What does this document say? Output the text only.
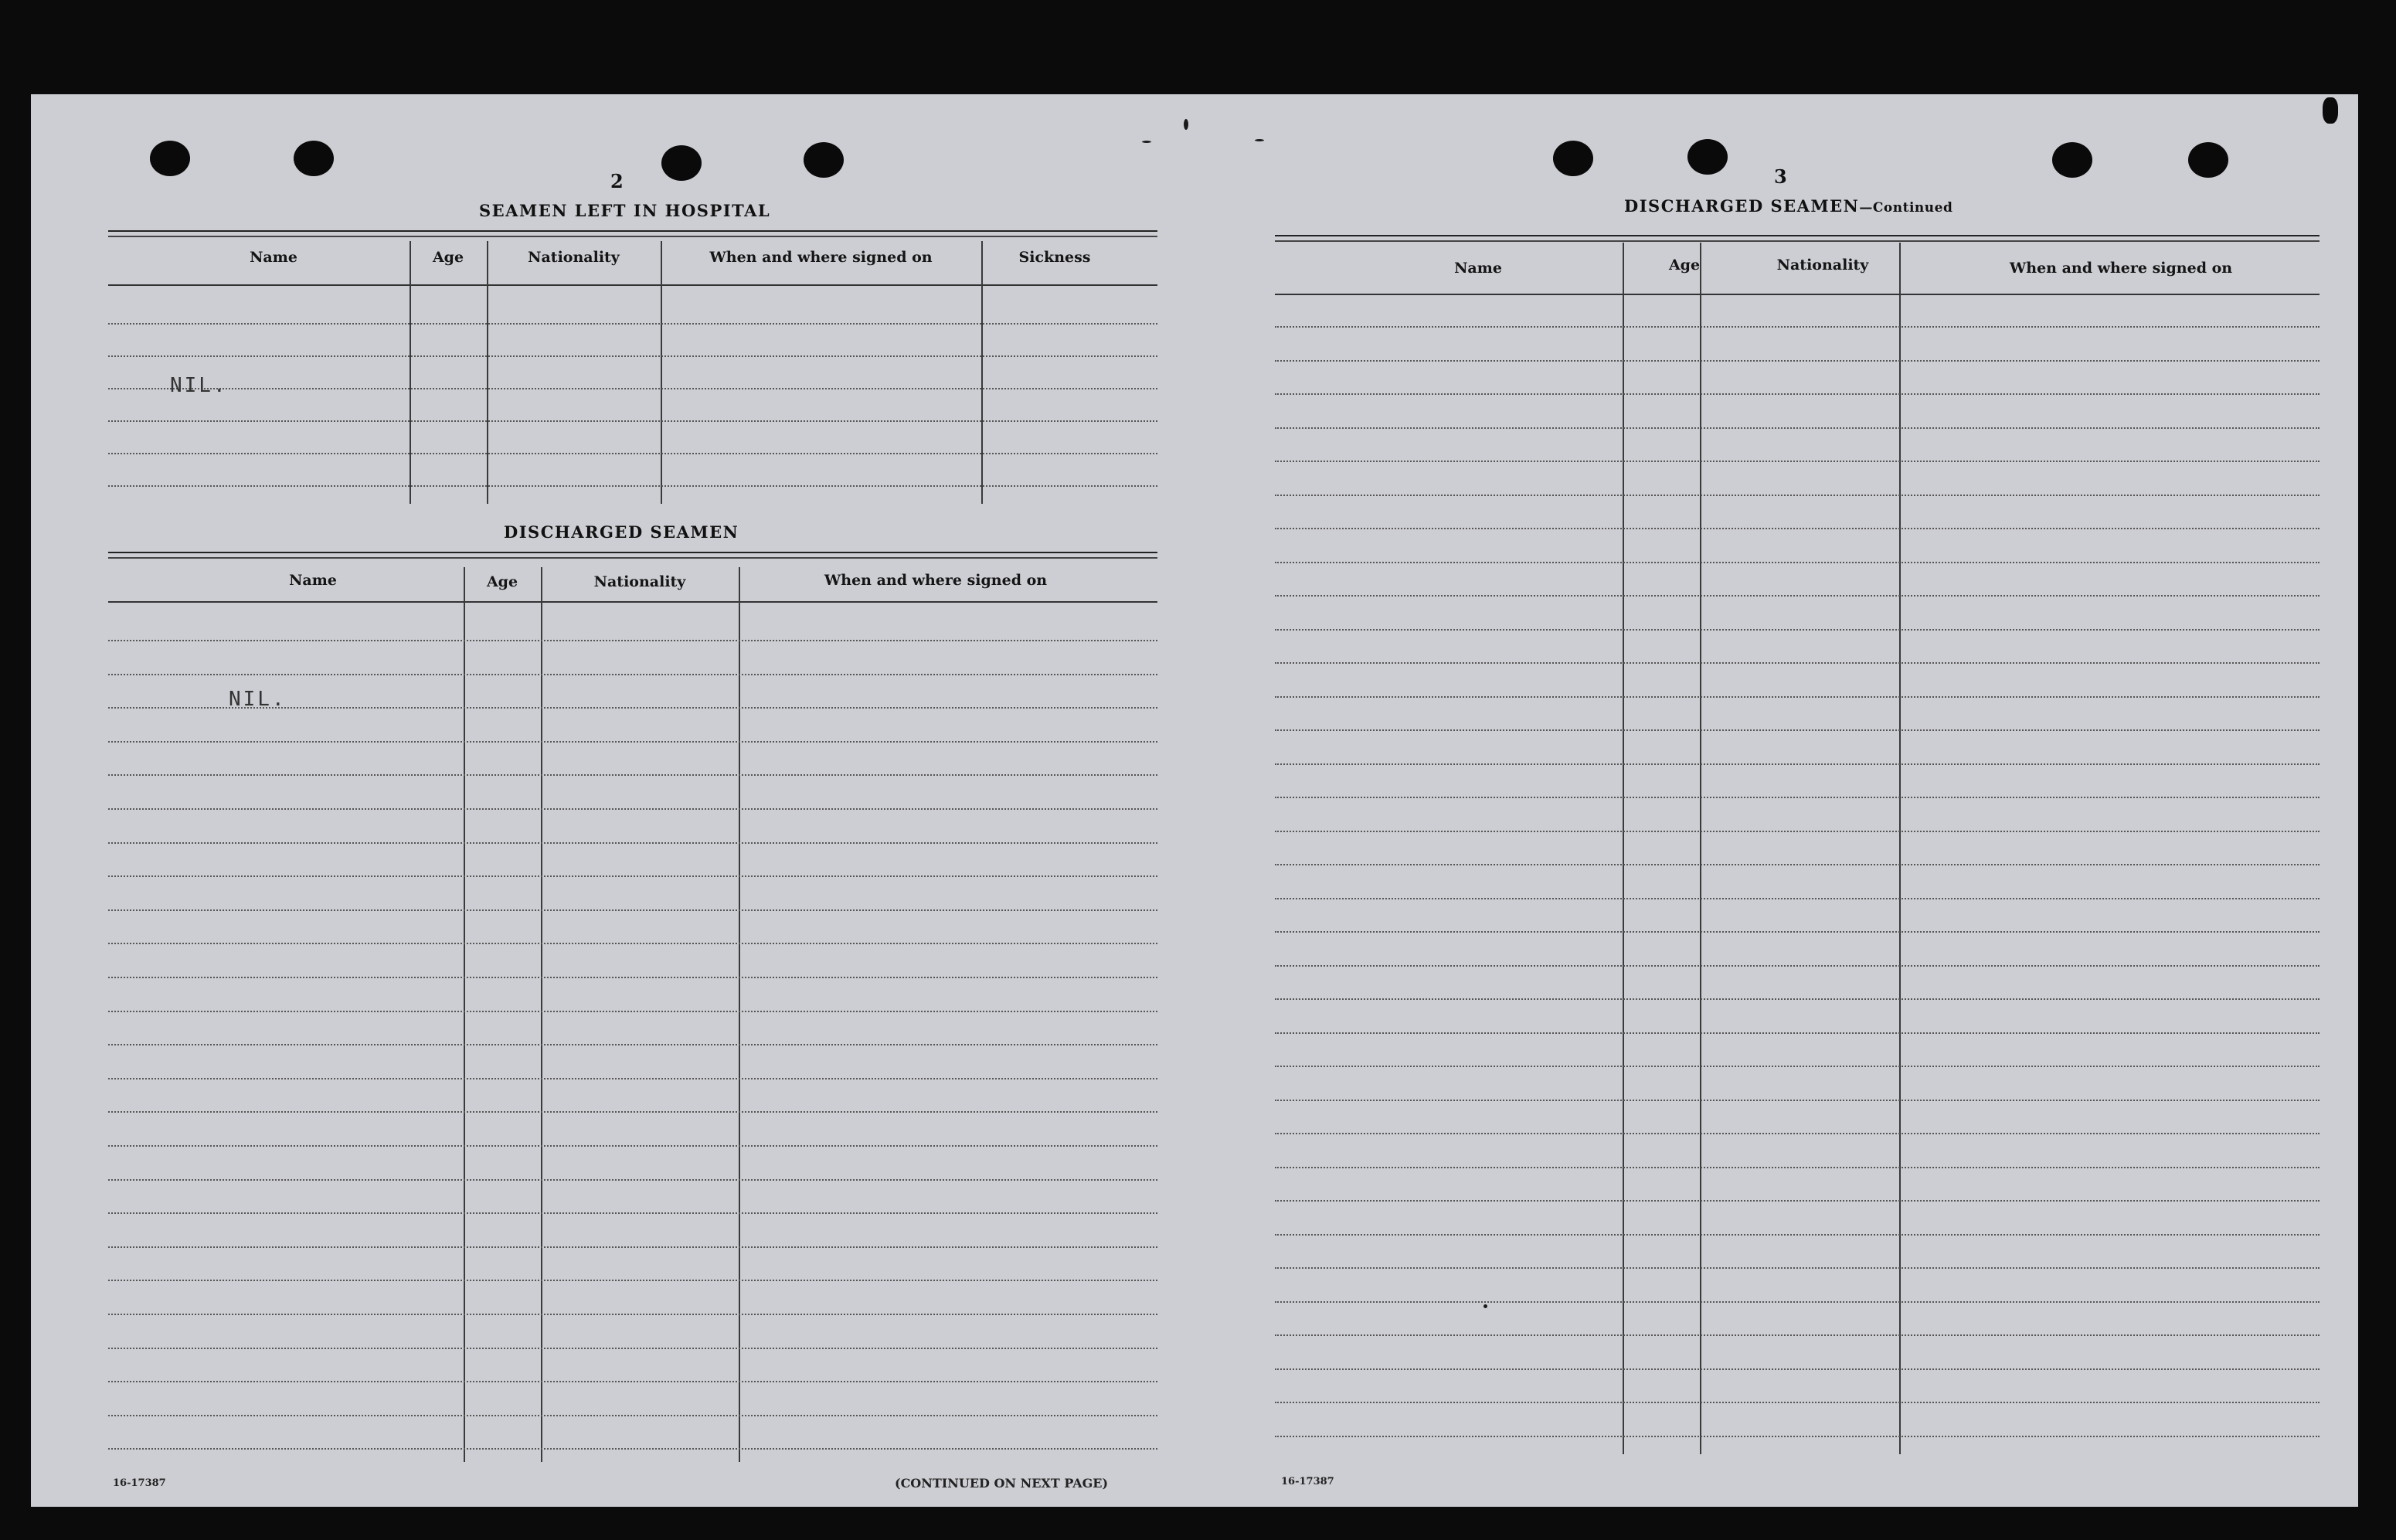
2
SEAMEN LEFT IN HOSPITAL
Name	Age	Nationality	When and where signed on	Sickness
NIL.
DISCHARGED SEAMEN
Name	Age	Nationality	When and where signed on
NIL.
16-17387	(CONTINUED ON NEXT PAGE)
3
DISCHARGED SEAMEN—Continued
Name	Age	Nationality	When and where signed on
16-17387
